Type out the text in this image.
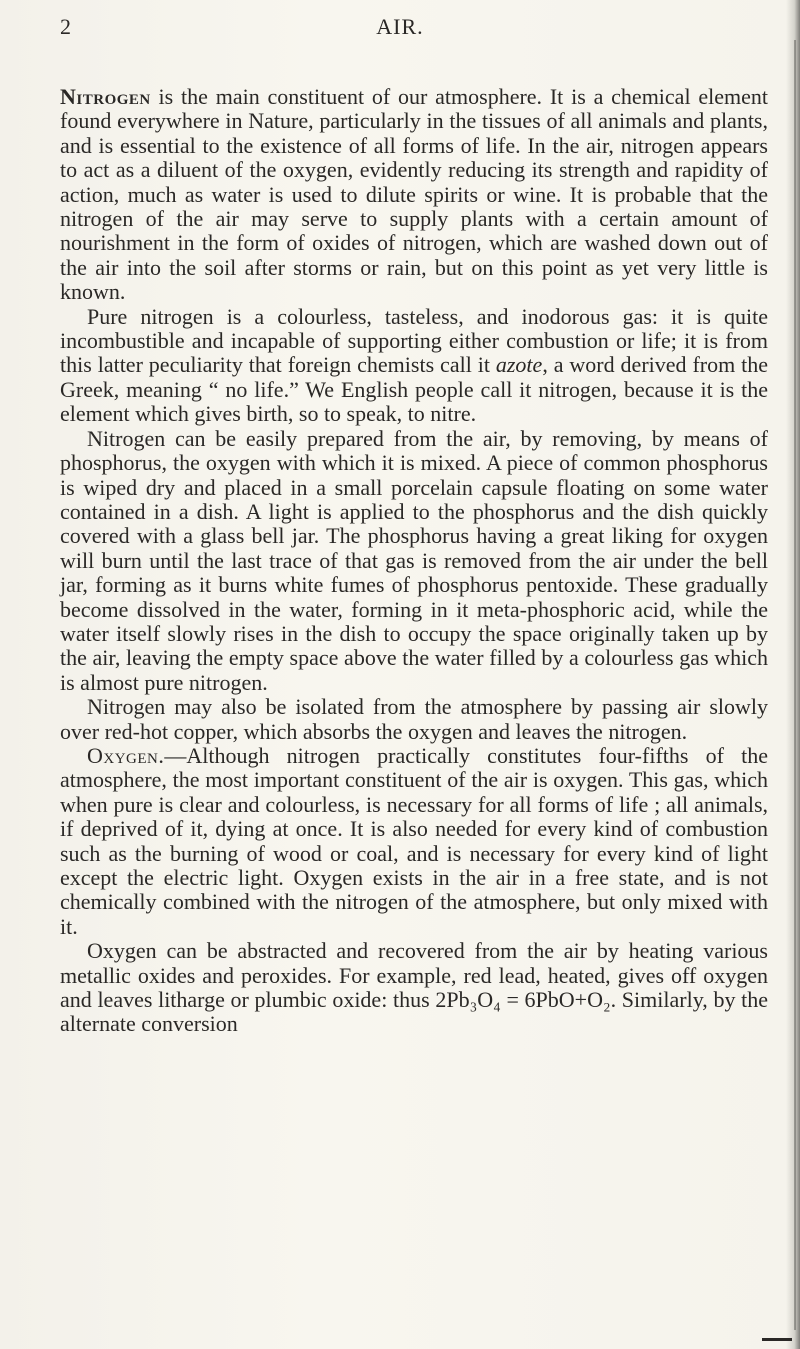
2	AIR.

Nitrogen is the main constituent of our atmosphere. It is a chemical element found everywhere in Nature, particularly in the tissues of all animals and plants, and is essential to the existence of all forms of life. In the air, nitrogen appears to act as a diluent of the oxygen, evidently reducing its strength and rapidity of action, much as water is used to dilute spirits or wine. It is probable that the nitrogen of the air may serve to supply plants with a certain amount of nourishment in the form of oxides of nitrogen, which are washed down out of the air into the soil after storms or rain, but on this point as yet very little is known.

Pure nitrogen is a colourless, tasteless, and inodorous gas: it is quite incombustible and incapable of supporting either combustion or life; it is from this latter peculiarity that foreign chemists call it azote, a word derived from the Greek, meaning “ no life.” We English people call it nitrogen, because it is the element which gives birth, so to speak, to nitre.

Nitrogen can be easily prepared from the air, by removing, by means of phosphorus, the oxygen with which it is mixed. A piece of common phosphorus is wiped dry and placed in a small porcelain capsule floating on some water contained in a dish. A light is applied to the phosphorus and the dish quickly covered with a glass bell jar. The phosphorus having a great liking for oxygen will burn until the last trace of that gas is removed from the air under the bell jar, forming as it burns white fumes of phosphorus pentoxide. These gradually become dissolved in the water, forming in it meta-phosphoric acid, while the water itself slowly rises in the dish to occupy the space originally taken up by the air, leaving the empty space above the water filled by a colourless gas which is almost pure nitrogen.

Nitrogen may also be isolated from the atmosphere by passing air slowly over red-hot copper, which absorbs the oxygen and leaves the nitrogen.

Oxygen.—Although nitrogen practically constitutes four-fifths of the atmosphere, the most important constituent of the air is oxygen. This gas, which when pure is clear and colourless, is necessary for all forms of life ; all animals, if deprived of it, dying at once. It is also needed for every kind of combustion such as the burning of wood or coal, and is necessary for every kind of light except the electric light. Oxygen exists in the air in a free state, and is not chemically combined with the nitrogen of the atmosphere, but only mixed with it.

Oxygen can be abstracted and recovered from the air by heating various metallic oxides and peroxides. For example, red lead, heated, gives off oxygen and leaves litharge or plumbic oxide: thus 2Pb₃O₄ = 6PbO+O₂. Similarly, by the alternate conversion
